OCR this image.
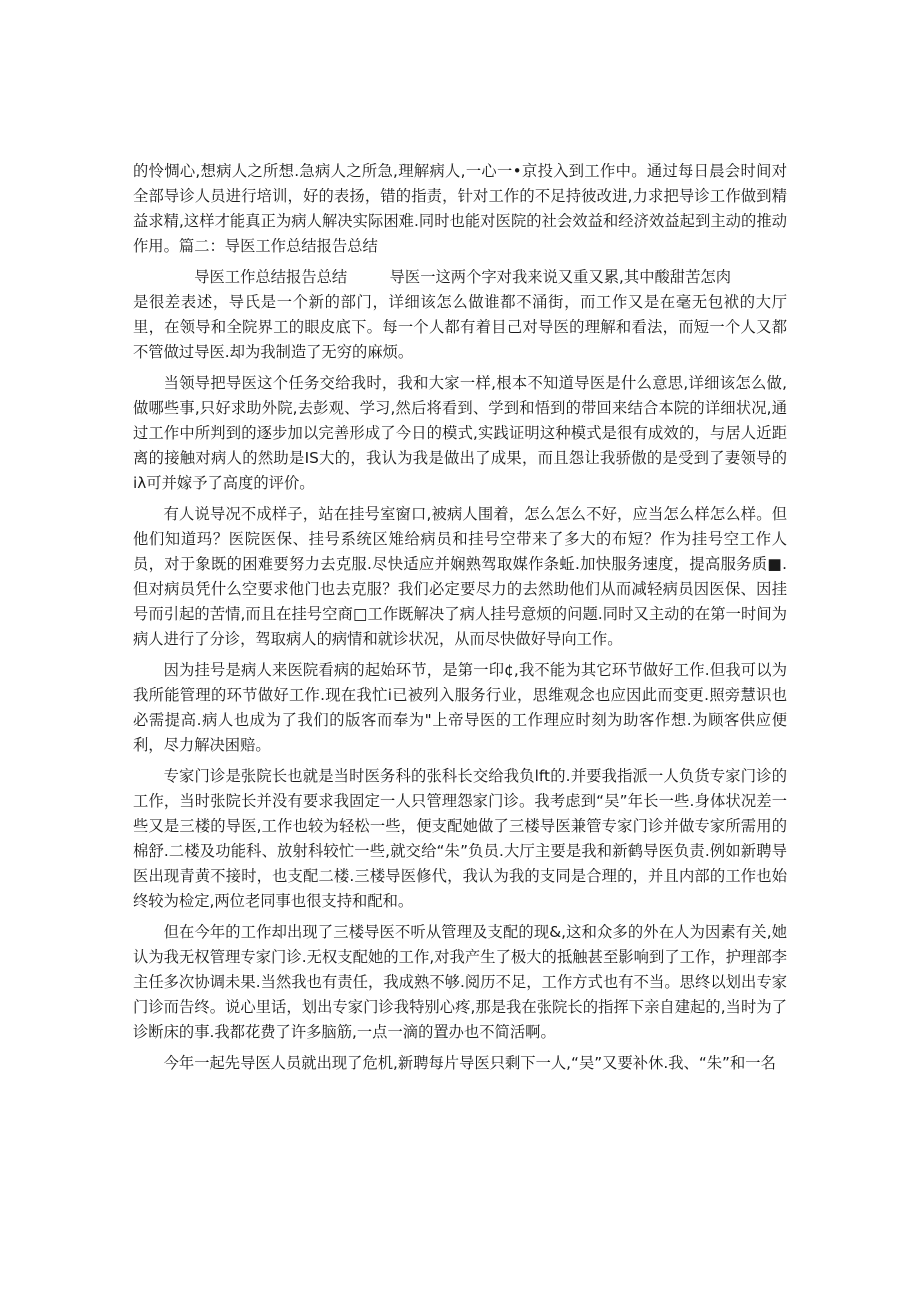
的怜惆心,想病人之所想.急病人之所急,理解病人,一心一•京投入到工作中。通过每日晨会时间对全部导诊人员进行培训，好的表扬，错的指责，针对工作的不足持彼改进,力求把导诊工作做到精益求精,这样才能真正为病人解决实际困难.同时也能对医院的社会效益和经济效益起到主动的推动作用。篇二：导医工作总结报告总结

导医工作总结报告总结	导医一这两个字对我来说又重又累,其中酸甜苦怎肉

是很差表述，导氏是一个新的部门，详细该怎么做谁都不涌街，而工作又是在毫无包袱的大厅里，在领导和全院界工的眼皮底下。每一个人都有着目己对导医的理解和看法，而短一个人又都不管做过导医.却为我制造了无穷的麻烦。

当领导把导医这个任务交给我时，我和大家一样,根本不知道导医是什么意思,详细该怎么做,做哪些事,只好求助外院,去彭观、学习,然后将看到、学到和悟到的带回来结合本院的详细状况,通过工作中所判到的逐步加以完善形成了今日的模式,实践证明这种模式是很有成效的，与居人近距离的接触对病人的然助是IS大的，我认为我是做出了成果，而且怨让我骄傲的是受到了妻领导的iλ可并嫁予了高度的评价。

有人说导况不成样子，站在挂号室窗口,被病人围着，怎么怎么不好，应当怎么样怎么样。但他们知道玛？医院医保、挂号系统区雉给病员和挂号空带来了多大的布短？作为挂号空工作人员，对于象既的困难要努力去克服.尽快适应并娴熟驾取媒作条蚯.加快服务速度，提高服务质■.但对病员凭什么空要求他门也去克服？我们必定要尽力的去然助他们从而减轻病员因医保、因挂号而引起的苦情,而且在挂号空商□工作既解决了病人挂号意烦的问题.同时又主动的在第一时间为病人进行了分诊，驾取病人的病情和就诊状况，从而尽快做好导向工作。

因为挂号是病人来医院看病的起始环节，是第一印¢,我不能为其它环节做好工作.但我可以为我所能管理的环节做好工作.现在我忙i已被列入服务行业，思维观念也应因此而变更.照旁慧识也必需提高.病人也成为了我们的版客而奉为"上帝导医的工作理应时刻为助客作想.为顾客供应便利，尽力解决困赔。

专家门诊是张院长也就是当时医务科的张科长交给我负lft的.并要我指派一人负货专家门诊的工作，当时张院长并没有要求我固定一人只管理怨家门诊。我考虑到“吴”年长一些.身体状况差一些又是三楼的导医,工作也较为轻松一些，便支配她做了三楼导医兼管专家门诊并做专家所需用的棉舒.二楼及功能科、放射科较忙一些,就交给“朱”负员.大厅主要是我和新鹤导医负责.例如新聘导医出现青黄不接时，也支配二楼.三楼导医修代，我认为我的支同是合理的，并且内部的工作也始终较为检定,两位老同事也很支持和配和。

但在今年的工作却出现了三楼导医不听从管理及支配的现&,这和众多的外在人为因素有关,她认为我无权管理专家门诊.无权支配她的工作,对我产生了极大的抵触甚至影响到了工作，护理部李主任多次协调未果.当然我也有责任，我成熟不够.阅历不足，工作方式也有不当。思终以划出专家门诊而告终。说心里话，划出专家门诊我特别心疼,那是我在张院长的指挥下亲自建起的,当时为了诊断床的事.我都花费了许多脑筋,一点一滴的置办也不简活啊。

今年一起先导医人员就出现了危机,新聘每片导医只剩下一人,“吴”又要补休.我、“朱”和一名
